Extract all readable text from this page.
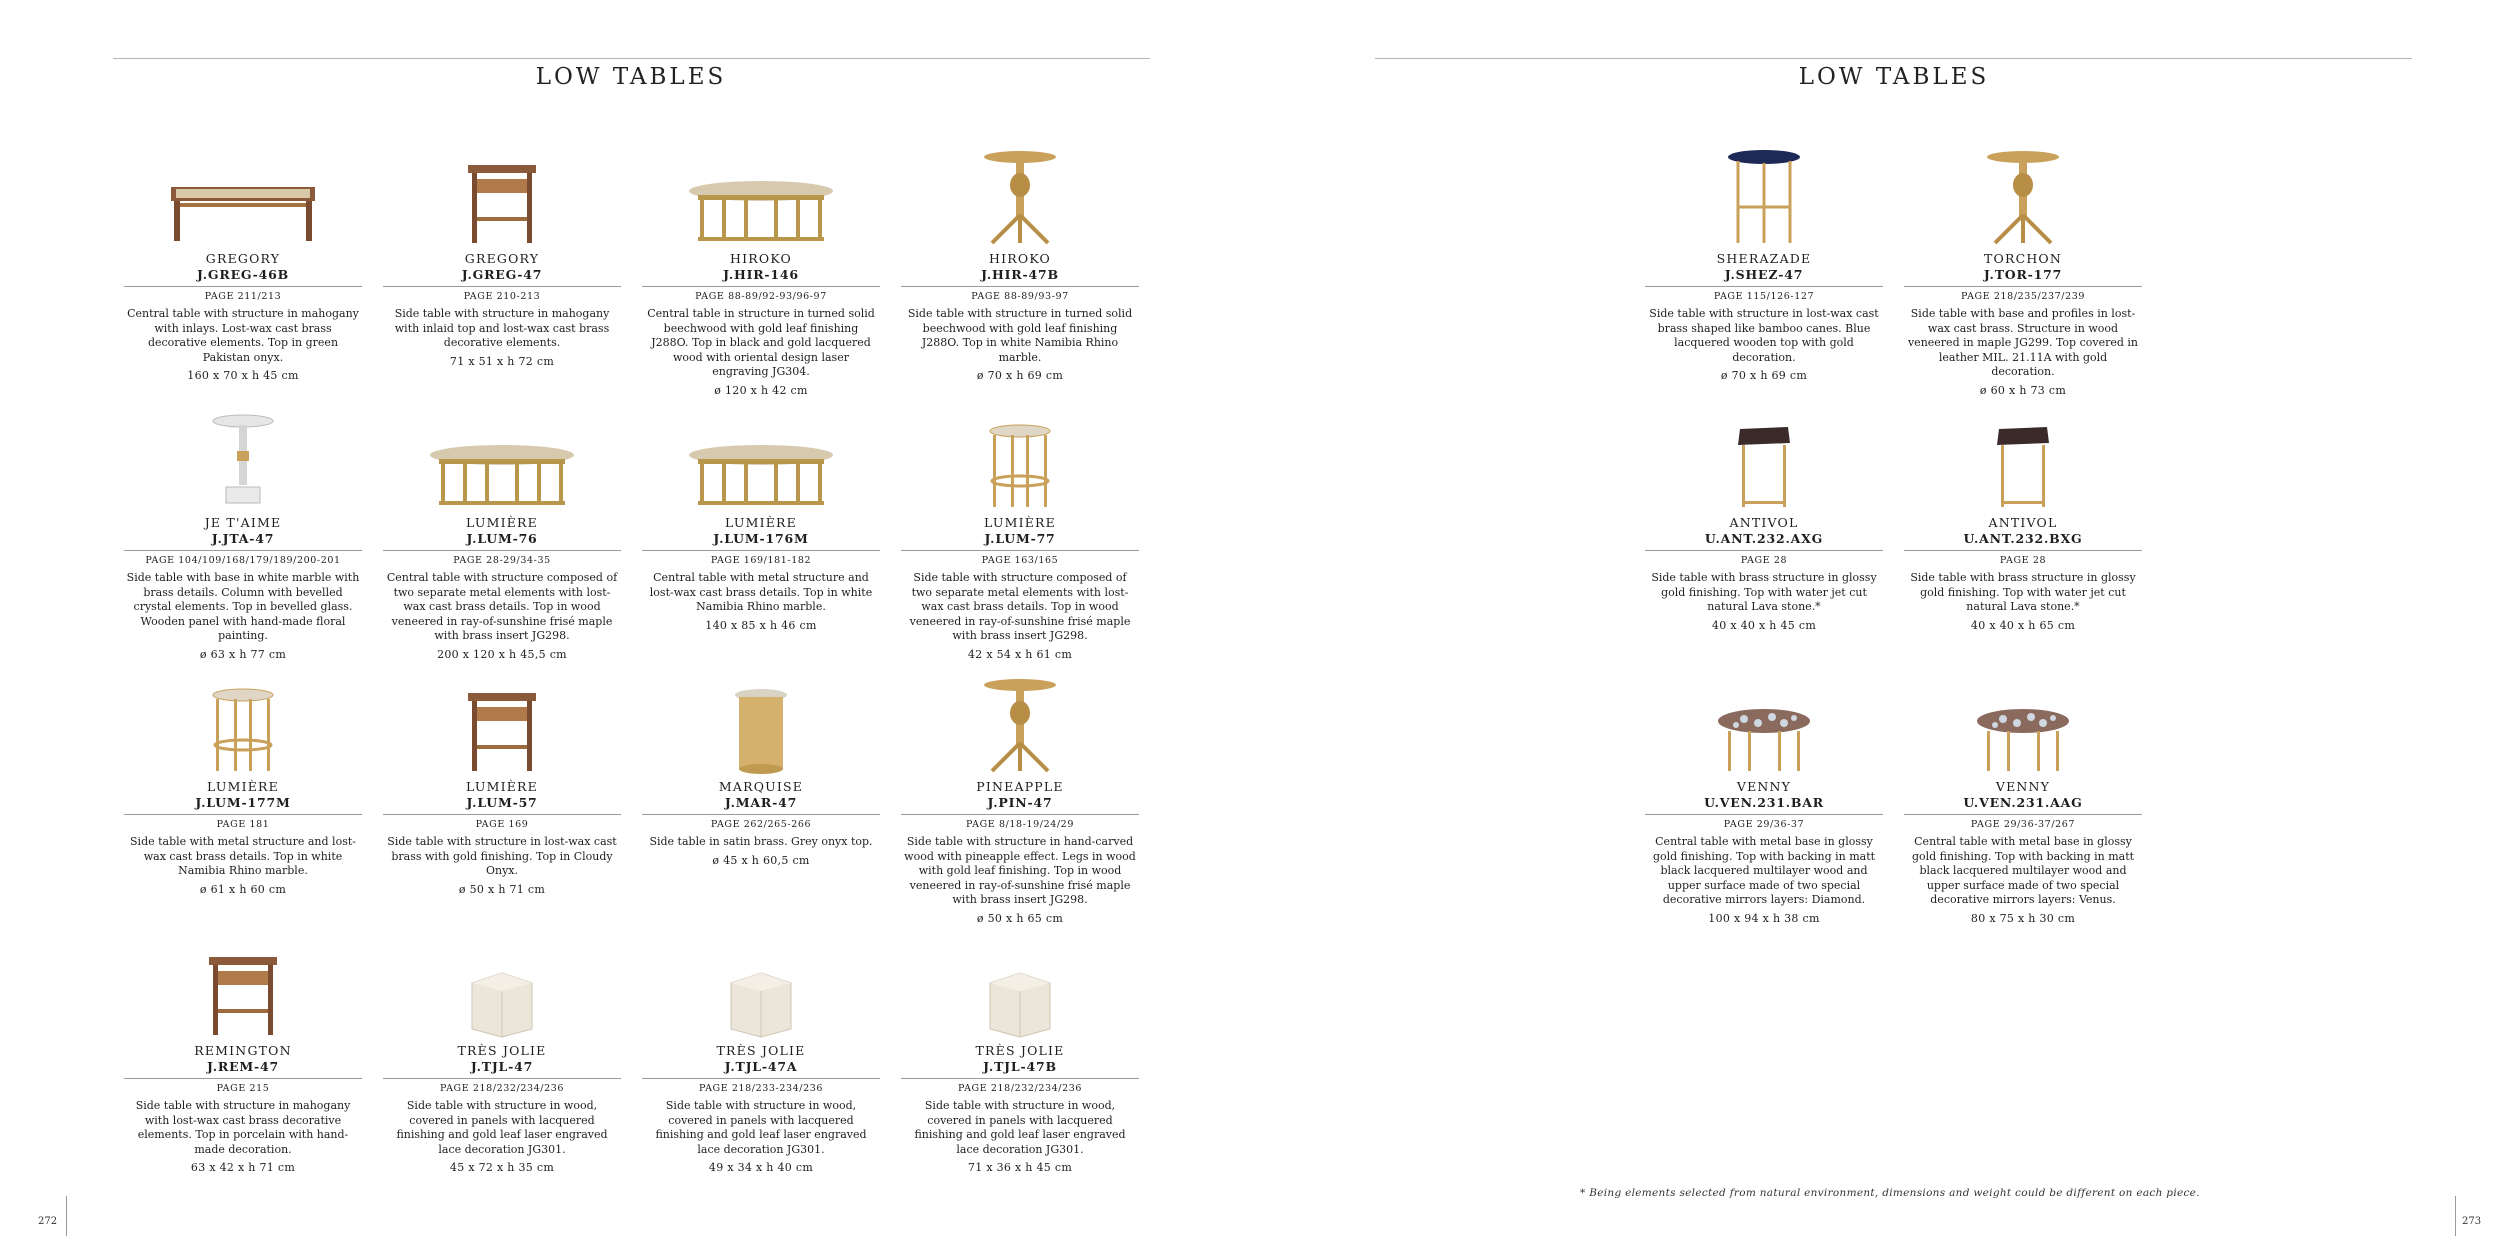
LOW TABLES
GREGORY
J.GREG-46B
PAGE 211/213
Central table with structure in mahogany with inlays. Lost-wax cast brass decorative elements. Top in green Pakistan onyx.
160 x 70 x h 45 cm
GREGORY
J.GREG-47
PAGE 210-213
Side table with structure in mahogany with inlaid top and lost-wax cast brass decorative elements.
71 x 51 x h 72 cm
HIROKO
J.HIR-146
PAGE 88-89/92-93/96-97
Central table in structure in turned solid beechwood with gold leaf finishing J288O. Top in black and gold lacquered wood with oriental design laser engraving JG304.
ø 120 x h 42 cm
HIROKO
J.HIR-47B
PAGE 88-89/93-97
Side table with structure in turned solid beechwood with gold leaf finishing J288O. Top in white Namibia Rhino marble.
ø 70 x h 69 cm
JE T'AIME
J.JTA-47
PAGE 104/109/168/179/189/200-201
Side table with base in white marble with brass details. Column with bevelled crystal elements. Top in bevelled glass. Wooden panel with hand-made floral painting.
ø 63 x h 77 cm
LUMIÈRE
J.LUM-76
PAGE 28-29/34-35
Central table with structure composed of two separate metal elements with lost-wax cast brass details. Top in wood veneered in ray-of-sunshine frisé maple with brass insert JG298.
200 x 120 x h 45,5 cm
LUMIÈRE
J.LUM-176M
PAGE 169/181-182
Central table with metal structure and lost-wax cast brass details. Top in white Namibia Rhino marble.
140 x 85 x h 46 cm
LUMIÈRE
J.LUM-77
PAGE 163/165
Side table with structure composed of two separate metal elements with lost-wax cast brass details. Top in wood veneered in ray-of-sunshine frisé maple with brass insert JG298.
42 x 54 x h 61 cm
LUMIÈRE
J.LUM-177M
PAGE 181
Side table with metal structure and lost-wax cast brass details. Top in white Namibia Rhino marble.
ø 61 x h 60 cm
LUMIÈRE
J.LUM-57
PAGE 169
Side table with structure in lost-wax cast brass with gold finishing. Top in Cloudy Onyx.
ø 50 x h 71 cm
MARQUISE
J.MAR-47
PAGE 262/265-266
Side table in satin brass. Grey onyx top.
ø 45 x h 60,5 cm
PINEAPPLE
J.PIN-47
PAGE 8/18-19/24/29
Side table with structure in hand-carved wood with pineapple effect. Legs in wood with gold leaf finishing. Top in wood veneered in ray-of-sunshine frisé maple with brass insert JG298.
ø 50 x h 65 cm
REMINGTON
J.REM-47
PAGE 215
Side table with structure in mahogany with lost-wax cast brass decorative elements. Top in porcelain with hand-made decoration.
63 x 42 x h 71 cm
TRÈS JOLIE
J.TJL-47
PAGE 218/232/234/236
Side table with structure in wood, covered in panels with lacquered finishing and gold leaf laser engraved lace decoration JG301.
45 x 72 x h 35 cm
TRÈS JOLIE
J.TJL-47A
PAGE 218/233-234/236
Side table with structure in wood, covered in panels with lacquered finishing and gold leaf laser engraved lace decoration JG301.
49 x 34 x h 40 cm
TRÈS JOLIE
J.TJL-47B
PAGE 218/232/234/236
Side table with structure in wood, covered in panels with lacquered finishing and gold leaf laser engraved lace decoration JG301.
71 x 36 x h 45 cm
272
LOW TABLES
SHERAZADE
J.SHEZ-47
PAGE 115/126-127
Side table with structure in lost-wax cast brass shaped like bamboo canes. Blue lacquered wooden top with gold decoration.
ø 70 x h 69 cm
TORCHON
J.TOR-177
PAGE 218/235/237/239
Side table with base and profiles in lost-wax cast brass. Structure in wood veneered in maple JG299. Top covered in leather MIL. 21.11A with gold decoration.
ø 60 x h 73 cm
ANTIVOL
U.ANT.232.AXG
PAGE 28
Side table with brass structure in glossy gold finishing. Top with water jet cut natural Lava stone.*
40 x 40 x h 45 cm
ANTIVOL
U.ANT.232.BXG
PAGE 28
Side table with brass structure in glossy gold finishing. Top with water jet cut natural Lava stone.*
40 x 40 x h 65 cm
VENNY
U.VEN.231.BAR
PAGE 29/36-37
Central table with metal base in glossy gold finishing. Top with backing in matt black lacquered multilayer wood and upper surface made of two special decorative mirrors layers: Diamond.
100 x 94 x h 38 cm
VENNY
U.VEN.231.AAG
PAGE 29/36-37/267
Central table with metal base in glossy gold finishing. Top with backing in matt black lacquered multilayer wood and upper surface made of two special decorative mirrors layers: Venus.
80 x 75 x h 30 cm
* Being elements selected from natural environment, dimensions and weight could be different on each piece.
273
